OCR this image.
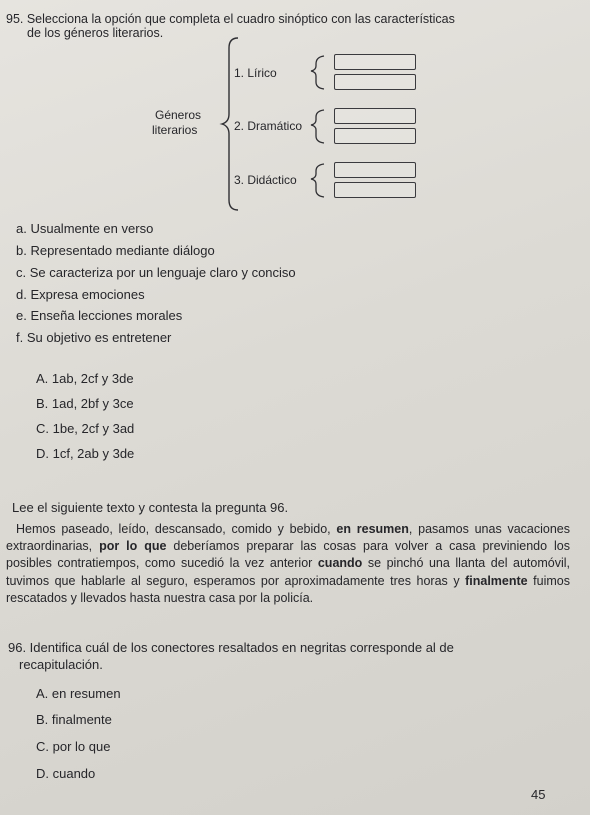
95. Selecciona la opción que completa el cuadro sinóptico con las características
de los géneros literarios.
Géneros
literarios
1. Lírico
2. Dramático
3. Didáctico
a. Usualmente en verso
b. Representado mediante diálogo
c. Se caracteriza por un lenguaje claro y conciso
d. Expresa emociones
e. Enseña lecciones morales
f. Su objetivo es entretener
A. 1ab, 2cf y 3de
B. 1ad, 2bf y 3ce
C. 1be, 2cf y 3ad
D. 1cf, 2ab y 3de
Lee el siguiente texto y contesta la pregunta 96.
Hemos paseado, leído, descansado, comido y bebido, en resumen, pasamos unas vacaciones extraordinarias, por lo que deberíamos preparar las cosas para volver a casa previniendo los posibles contratiempos, como sucedió la vez anterior cuando se pinchó una llanta del automóvil, tuvimos que hablarle al seguro, esperamos por aproximadamente tres horas y finalmente fuimos rescatados y llevados hasta nuestra casa por la policía.
96. Identifica cuál de los conectores resaltados en negritas corresponde al de
recapitulación.
A. en resumen
B. finalmente
C. por lo que
D. cuando
45
